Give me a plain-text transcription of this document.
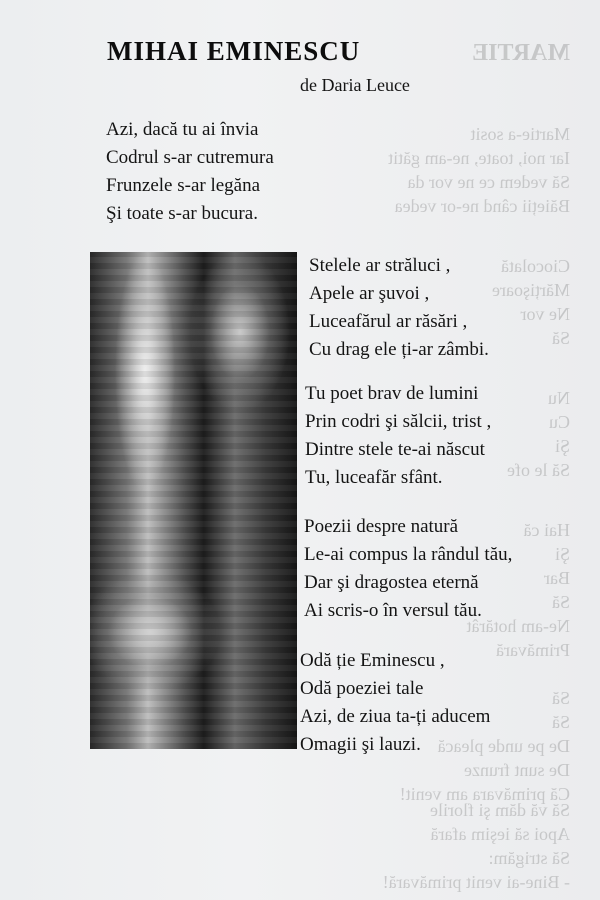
MARTIE
Martie-a sosit
Iar noi, toate, ne-am gătit
Să vedem ce ne vor da
Băieții când ne-or vedea
Ciocolată
Mărțişoare
Ne vor
Să
Nu
Cu
Şi
Să le ofe
Hai că
Şi
Bar
Să
Ne-am hotărât
Primăvară
Să
Să
De pe unde pleacă
De sunt frunze
Că primăvara am venit!
Să vă dăm şi florile
Apoi să ieşim afară
Să strigăm:
- Bine-ai venit primăvară!
MIHAI EMINESCU
de Daria Leuce
Azi, dacă tu ai învia
Codrul s-ar cutremura
Frunzele s-ar legăna
Şi toate s-ar bucura.
Stelele ar străluci ,
Apele ar şuvoi ,
Luceafărul ar răsări ,
Cu drag ele ți-ar zâmbi.
Tu poet brav de lumini
Prin codri şi sălcii, trist ,
Dintre stele te-ai născut
Tu, luceafăr sfânt.
Poezii despre natură
Le-ai compus la rândul tău,
Dar şi dragostea eternă
Ai scris-o în versul tău.
Odă ție Eminescu ,
Odă poeziei tale
Azi, de ziua ta-ți aducem
Omagii şi lauzi.
